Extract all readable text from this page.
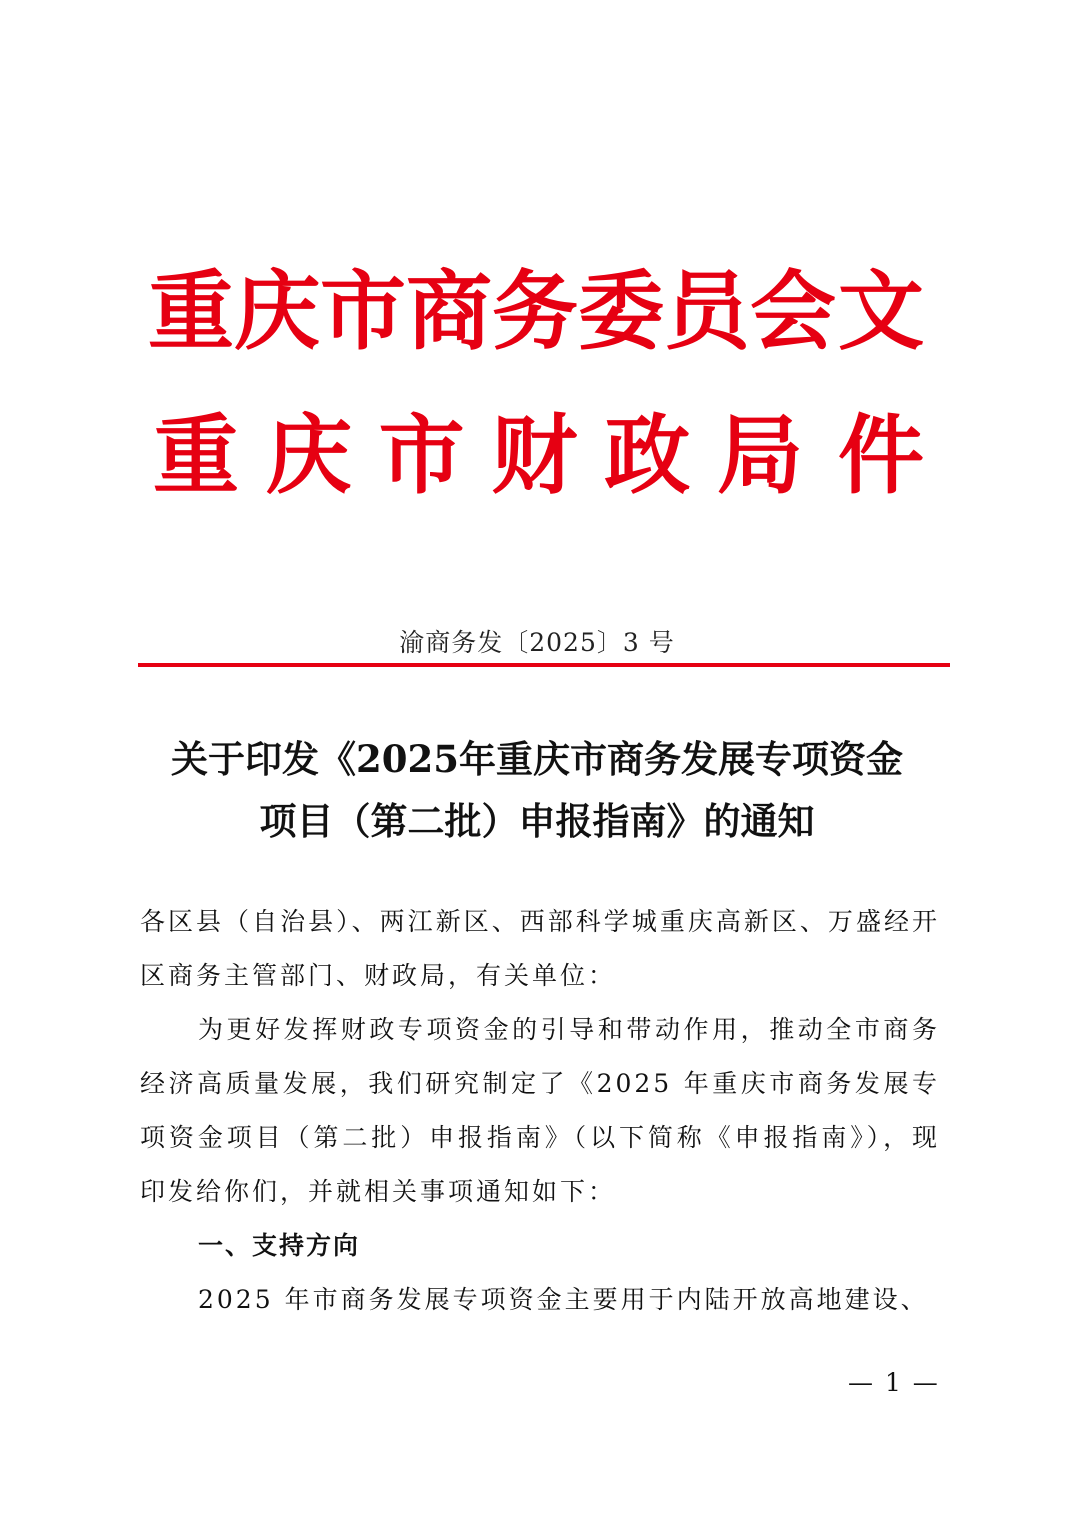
重 庆 市 商 务 委 员 会
重 庆 市 财 政 局
文
件
渝商务发〔2025〕3 号
关于印发《2025年重庆市商务发展专项资金
项目（第二批）申报指南》的通知

各区县（自治县）、两江新区、西部科学城重庆高新区、万盛经开区商务主管部门、财政局，有关单位：

为更好发挥财政专项资金的引导和带动作用，推动全市商务经济高质量发展，我们研究制定了《2025 年重庆市商务发展专项资金项目（第二批）申报指南》（以下简称《申报指南》），现印发给你们，并就相关事项通知如下：

一、支持方向

2025 年市商务发展专项资金主要用于内陆开放高地建设、

— 1 —
